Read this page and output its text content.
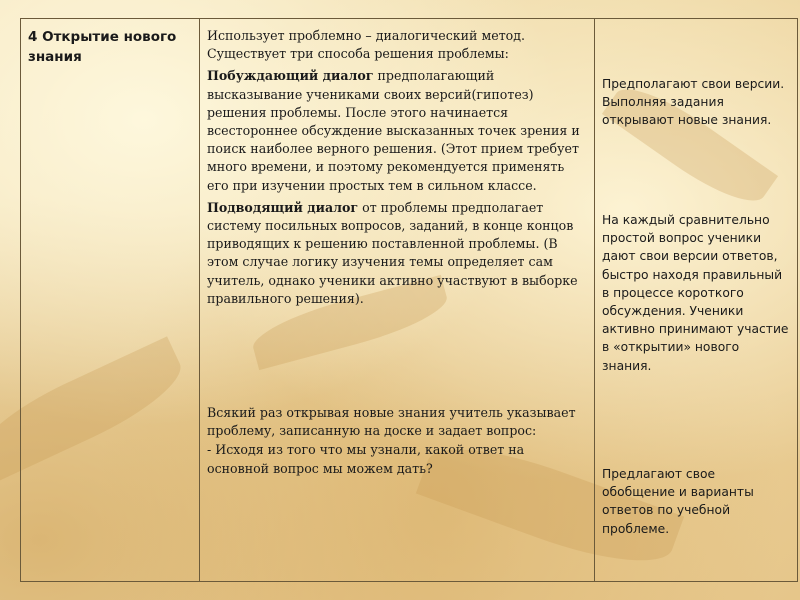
4 Открытие нового знания

Использует проблемно – диалогический метод. Существует три способа решения проблемы:

Побуждающий диалог предполагающий высказывание учениками своих версий(гипотез) решения проблемы. После этого начинается всестороннее обсуждение высказанных точек зрения и поиск наиболее верного решения. (Этот прием требует много времени, и поэтому рекомендуется применять его при изучении простых тем в сильном классе.

Подводящий диалог от проблемы предполагает систему посильных вопросов, заданий, в конце концов приводящих к решению поставленной проблемы. (В этом случае логику изучения темы определяет сам учитель, однако ученики активно участвуют в выборке правильного решения).

Всякий раз открывая новые знания учитель указывает проблему, записанную на доске и задает вопрос:

- Исходя из того что мы узнали, какой ответ на основной вопрос мы можем дать?

Предполагают свои версии. Выполняя задания открывают новые знания.

На каждый сравнительно простой вопрос ученики дают свои версии ответов, быстро находя правильный в процессе короткого обсуждения. Ученики активно принимают участие в «открытии» нового знания.

Предлагают свое обобщение и варианты ответов по учебной проблеме.
